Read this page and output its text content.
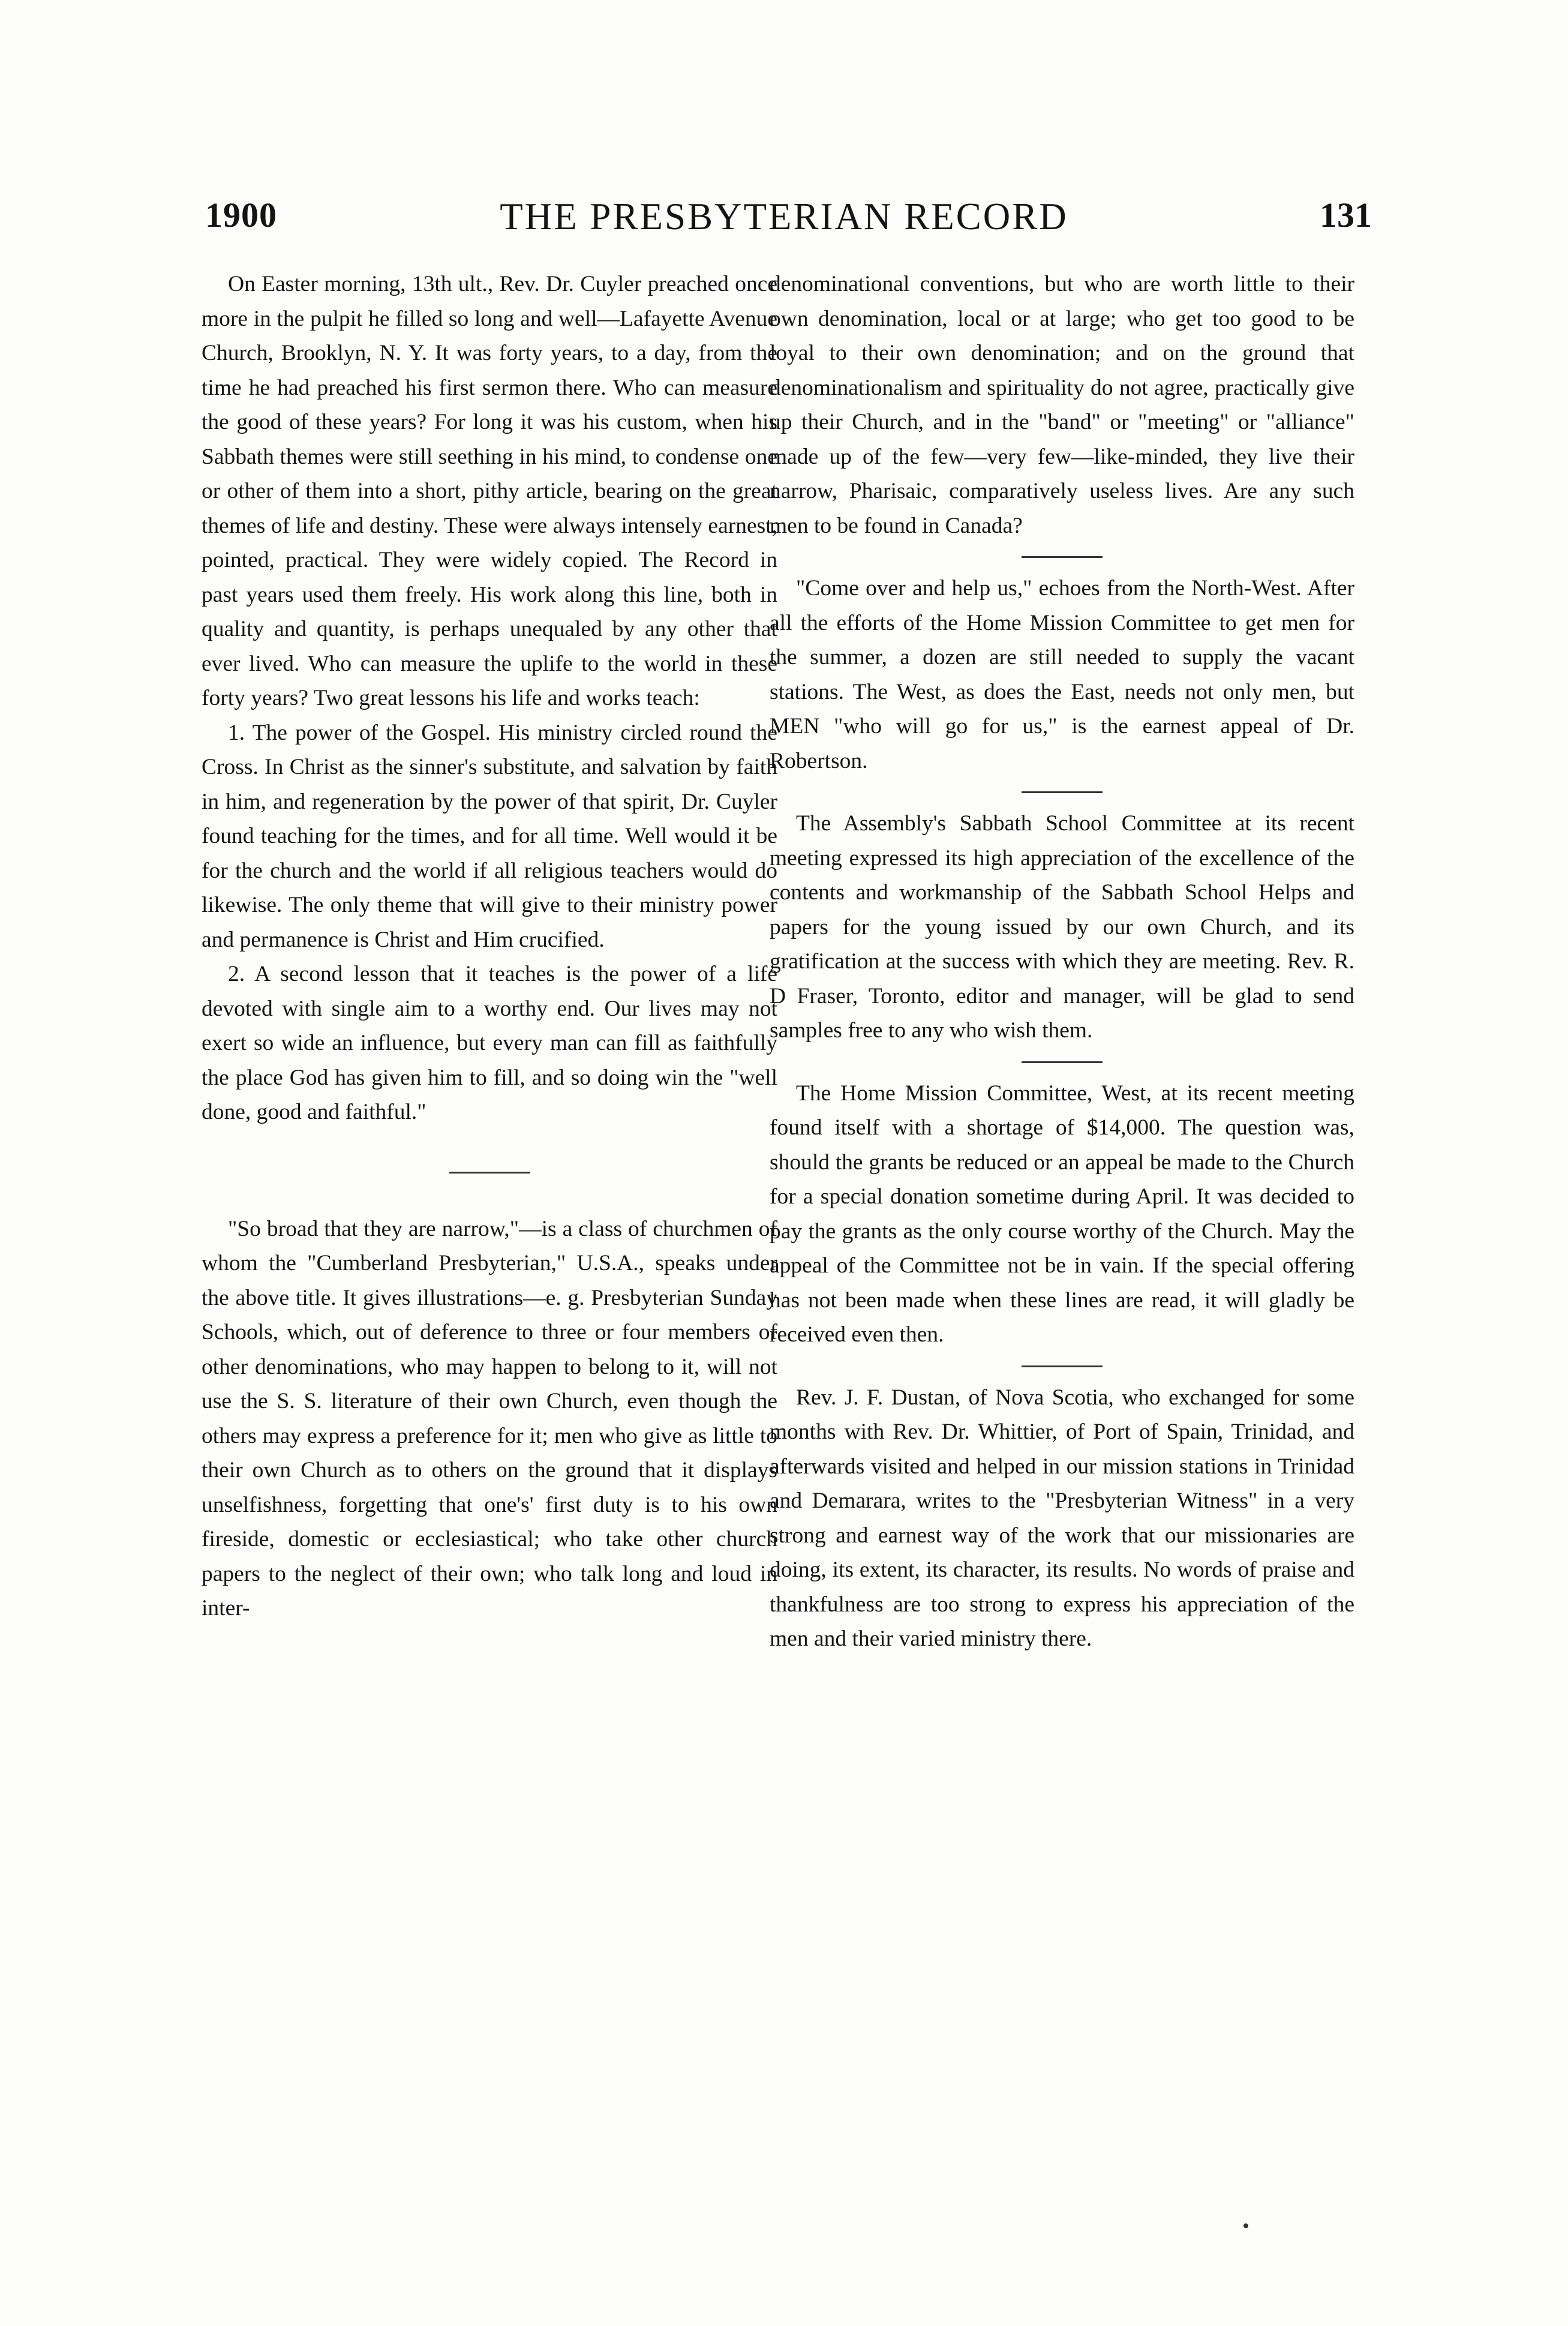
1900	THE PRESBYTERIAN RECORD	131

On Easter morning, 13th ult., Rev. Dr. Cuyler preached once more in the pulpit he filled so long and well—Lafayette Avenue Church, Brooklyn, N. Y. It was forty years, to a day, from the time he had preached his first sermon there. Who can measure the good of these years? For long it was his custom, when his Sabbath themes were still seething in his mind, to condense one or other of them into a short, pithy article, bearing on the great themes of life and destiny. These were always intensely earnest, pointed, practical. They were widely copied. The Record in past years used them freely. His work along this line, both in quality and quantity, is perhaps unequaled by any other that ever lived. Who can measure the uplife to the world in these forty years? Two great lessons his life and works teach:

1. The power of the Gospel. His ministry circled round the Cross. In Christ as the sinner's substitute, and salvation by faith in him, and regeneration by the power of that spirit, Dr. Cuyler found teaching for the times, and for all time. Well would it be for the church and the world if all religious teachers would do likewise. The only theme that will give to their ministry power and permanence is Christ and Him crucified.

2. A second lesson that it teaches is the power of a life devoted with single aim to a worthy end. Our lives may not exert so wide an influence, but every man can fill as faithfully the place God has given him to fill, and so doing win the "well done, good and faithful."

"So broad that they are narrow,"—is a class of churchmen of whom the "Cumberland Presbyterian," U.S.A., speaks under the above title. It gives illustrations—e. g. Presbyterian Sunday Schools, which, out of deference to three or four members of other denominations, who may happen to belong to it, will not use the S. S. literature of their own Church, even though the others may express a preference for it; men who give as little to their own Church as to others on the ground that it displays unselfishness, forgetting that one's' first duty is to his own fireside, domestic or ecclesiastical; who take other church papers to the neglect of their own; who talk long and loud in inter-

denominational conventions, but who are worth little to their own denomination, local or at large; who get too good to be loyal to their own denomination; and on the ground that denominationalism and spirituality do not agree, practically give up their Church, and in the "band" or "meeting" or "alliance" made up of the few—very few—like-minded, they live their narrow, Pharisaic, comparatively useless lives. Are any such men to be found in Canada?

"Come over and help us," echoes from the North-West. After all the efforts of the Home Mission Committee to get men for the summer, a dozen are still needed to supply the vacant stations. The West, as does the East, needs not only men, but MEN "who will go for us," is the earnest appeal of Dr. Robertson.

The Assembly's Sabbath School Committee at its recent meeting expressed its high appreciation of the excellence of the contents and workmanship of the Sabbath School Helps and papers for the young issued by our own Church, and its gratification at the success with which they are meeting. Rev. R. D Fraser, Toronto, editor and manager, will be glad to send samples free to any who wish them.

The Home Mission Committee, West, at its recent meeting found itself with a shortage of $14,000. The question was, should the grants be reduced or an appeal be made to the Church for a special donation sometime during April. It was decided to pay the grants as the only course worthy of the Church. May the appeal of the Committee not be in vain. If the special offering has not been made when these lines are read, it will gladly be received even then.

Rev. J. F. Dustan, of Nova Scotia, who exchanged for some months with Rev. Dr. Whittier, of Port of Spain, Trinidad, and afterwards visited and helped in our mission stations in Trinidad and Demarara, writes to the "Presbyterian Witness" in a very strong and earnest way of the work that our missionaries are doing, its extent, its character, its results. No words of praise and thankfulness are too strong to express his appreciation of the men and their varied ministry there.
